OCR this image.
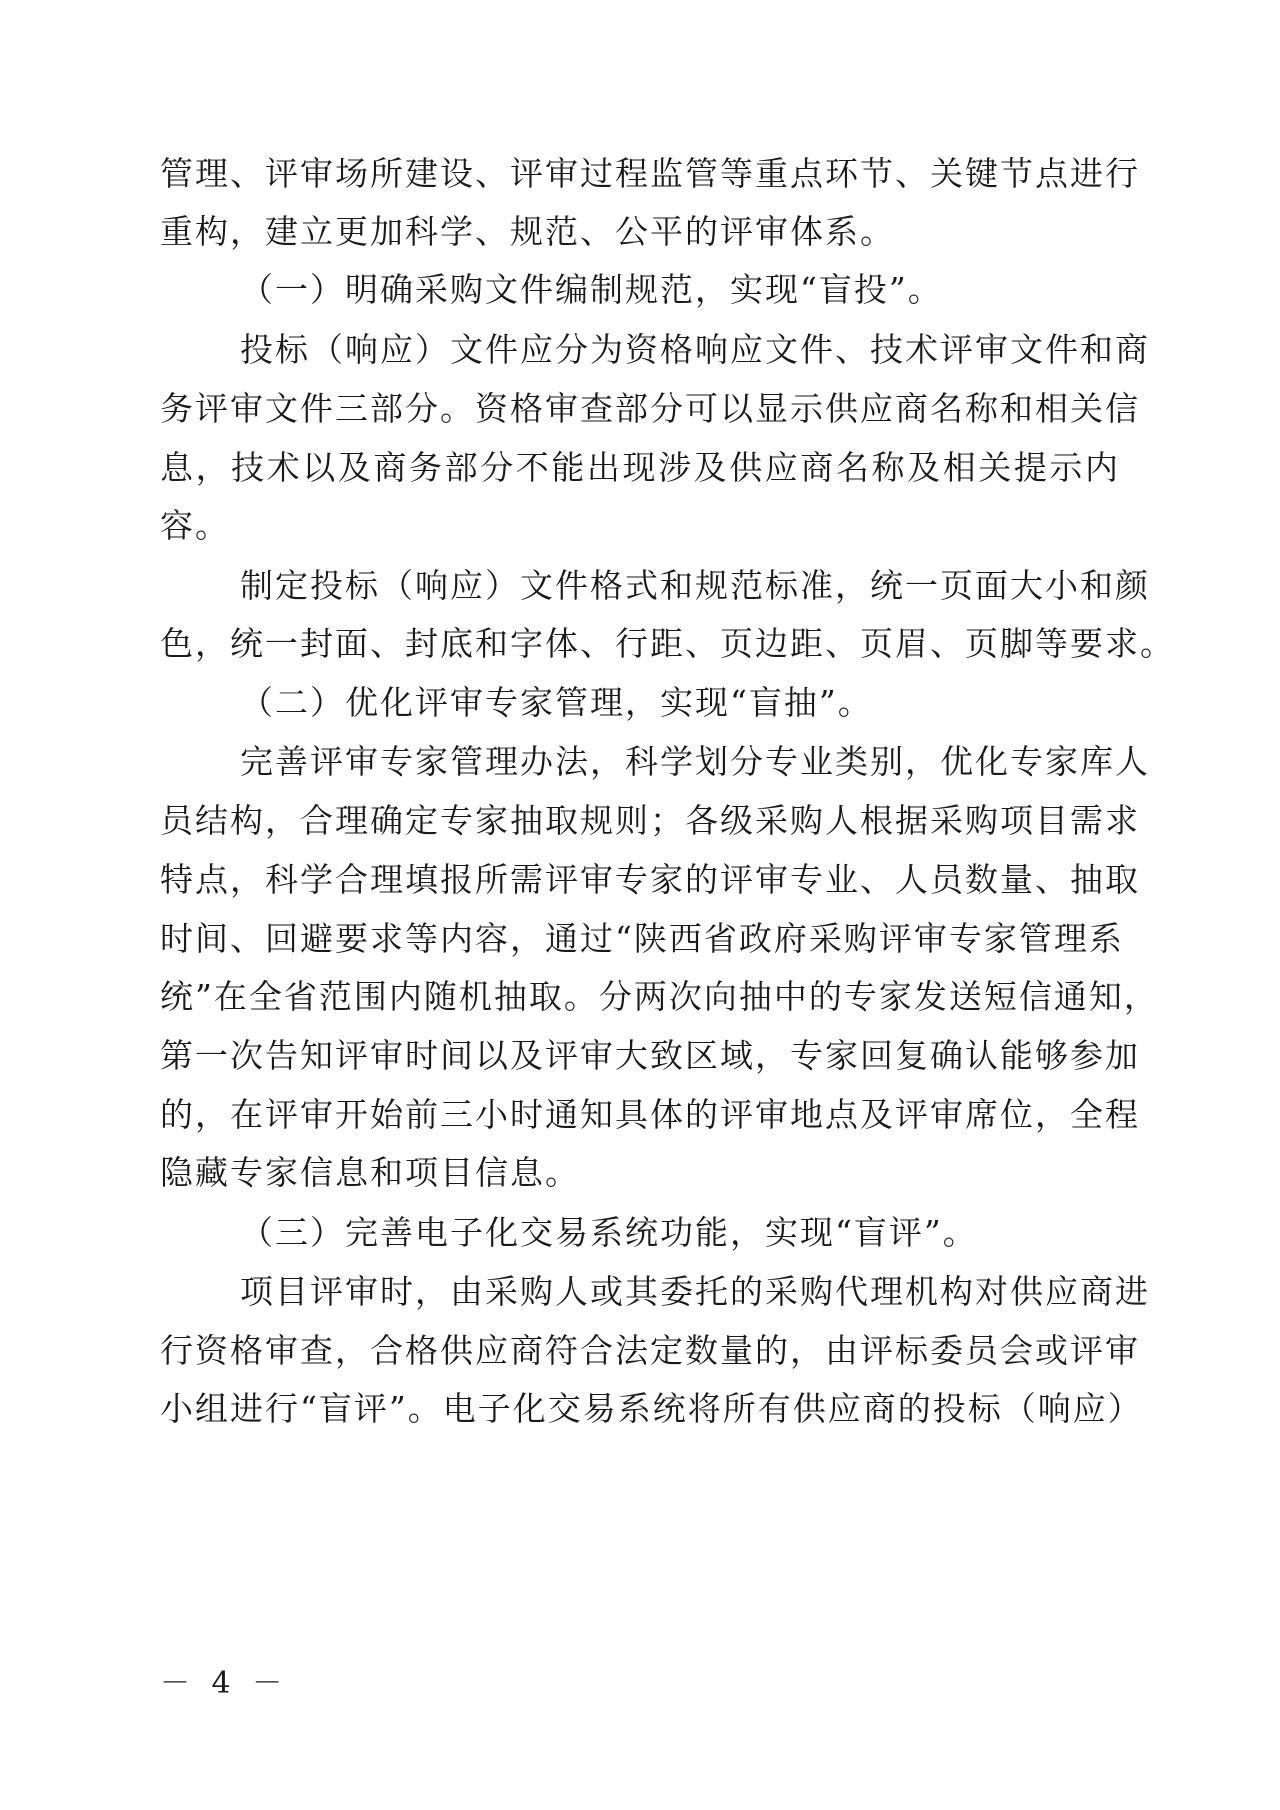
管理、评审场所建设、评审过程监管等重点环节、关键节点进行
重构，建立更加科学、规范、公平的评审体系。
（一）明确采购文件编制规范，实现“盲投”。
投标（响应）文件应分为资格响应文件、技术评审文件和商
务评审文件三部分。资格审查部分可以显示供应商名称和相关信
息，技术以及商务部分不能出现涉及供应商名称及相关提示内
容。
制定投标（响应）文件格式和规范标准，统一页面大小和颜
色，统一封面、封底和字体、行距、页边距、页眉、页脚等要求。
（二）优化评审专家管理，实现“盲抽”。
完善评审专家管理办法，科学划分专业类别，优化专家库人
员结构，合理确定专家抽取规则；各级采购人根据采购项目需求
特点，科学合理填报所需评审专家的评审专业、人员数量、抽取
时间、回避要求等内容，通过“陕西省政府采购评审专家管理系
统”在全省范围内随机抽取。分两次向抽中的专家发送短信通知，
第一次告知评审时间以及评审大致区域，专家回复确认能够参加
的，在评审开始前三小时通知具体的评审地点及评审席位，全程
隐藏专家信息和项目信息。
（三）完善电子化交易系统功能，实现“盲评”。
项目评审时，由采购人或其委托的采购代理机构对供应商进
行资格审查，合格供应商符合法定数量的，由评标委员会或评审
小组进行“盲评”。电子化交易系统将所有供应商的投标（响应）
－ 4 －
